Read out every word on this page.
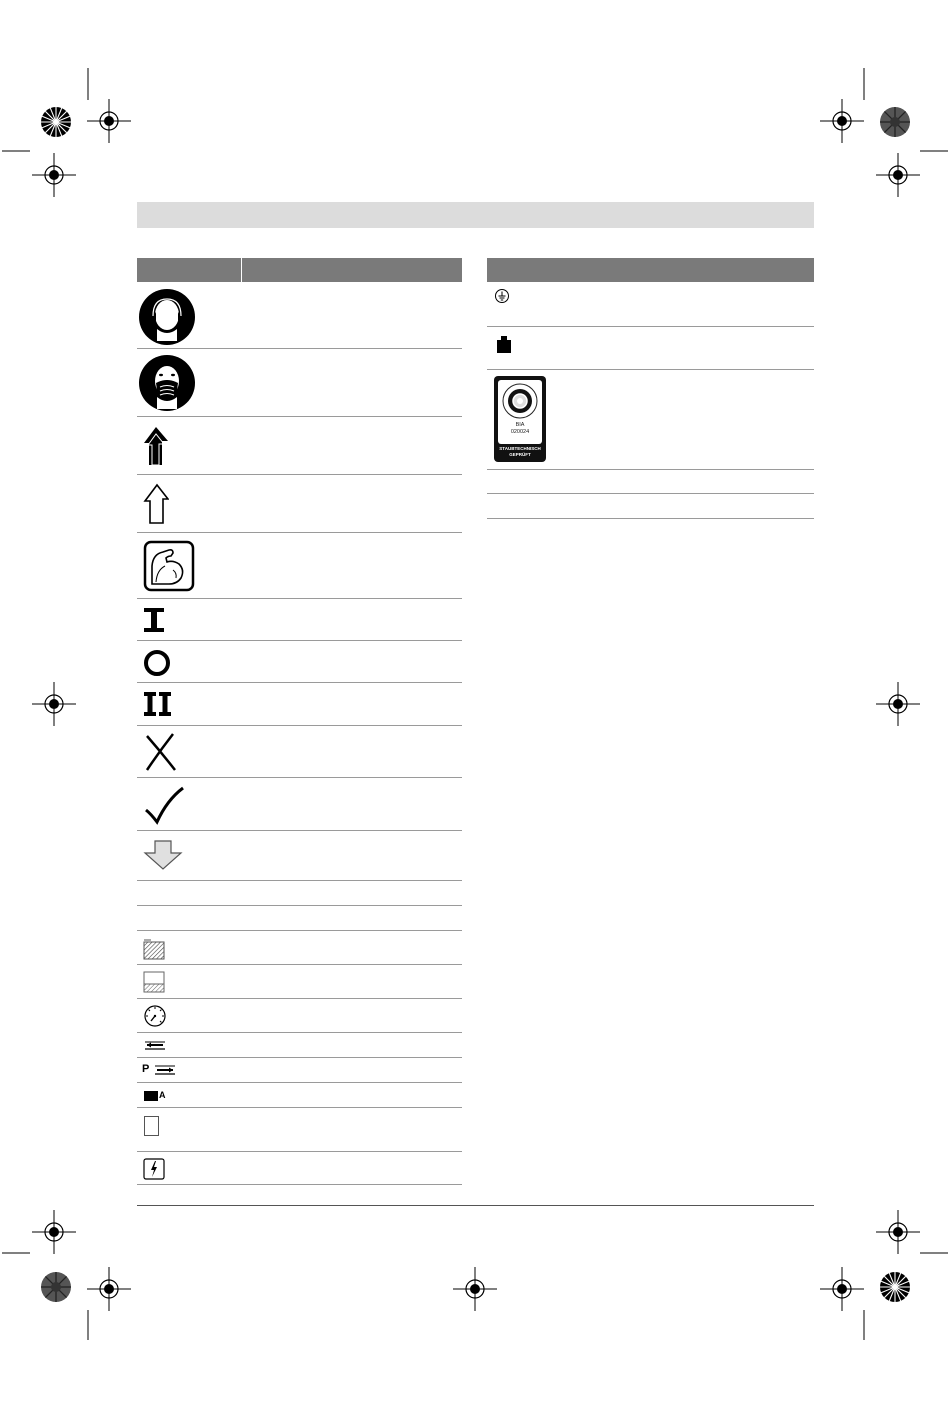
P
A
BIA
020024
STAUBTECHNISCH
GEPRÜFT
